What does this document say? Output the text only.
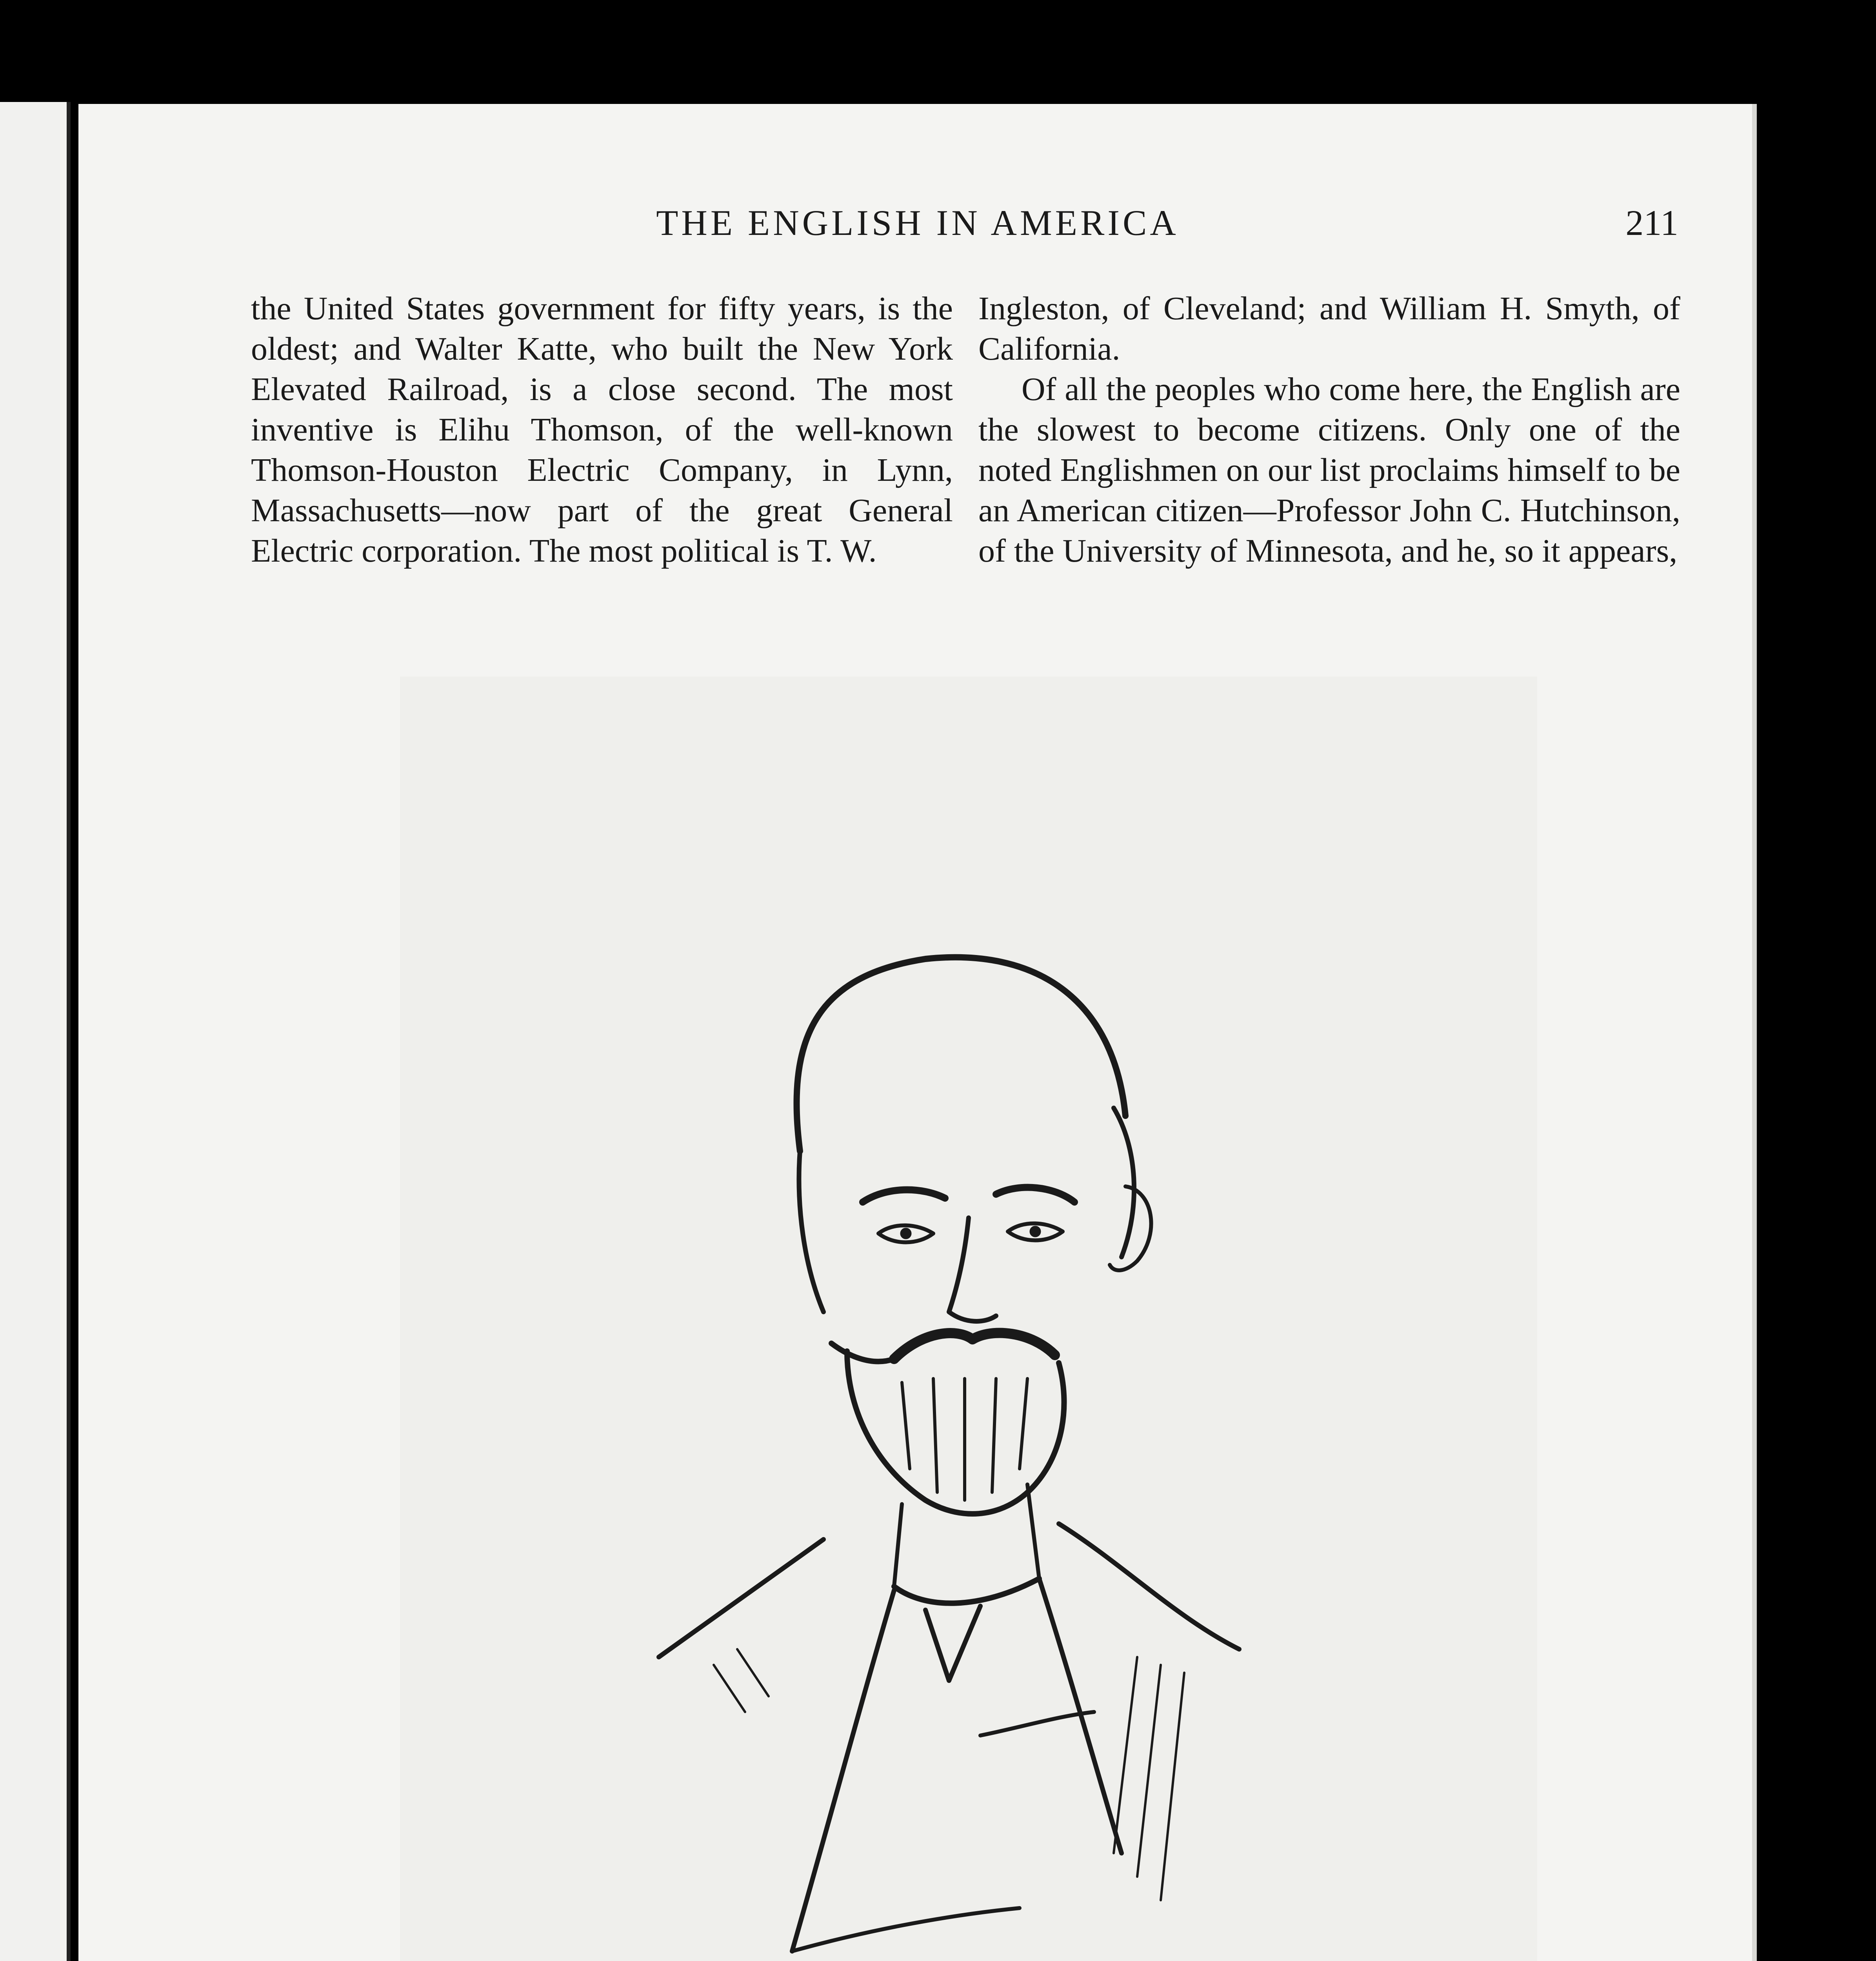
THE ENGLISH IN AMERICA	211

the United States government for fifty years, is the oldest; and Walter Katte, who built the New York Elevated Railroad, is a close second. The most inventive is Elihu Thomson, of the well-known Thomson-Houston Electric Company, in Lynn, Massachusetts—now part of the great General Electric corporation. The most political is T. W.

Ingleston, of Cleveland; and William H. Smyth, of California.

Of all the peoples who come here, the English are the slowest to become citizens. Only one of the noted Englishmen on our list proclaims himself to be an American citizen—Professor John C. Hutchinson, of the University of Minnesota, and he, so it appears,
